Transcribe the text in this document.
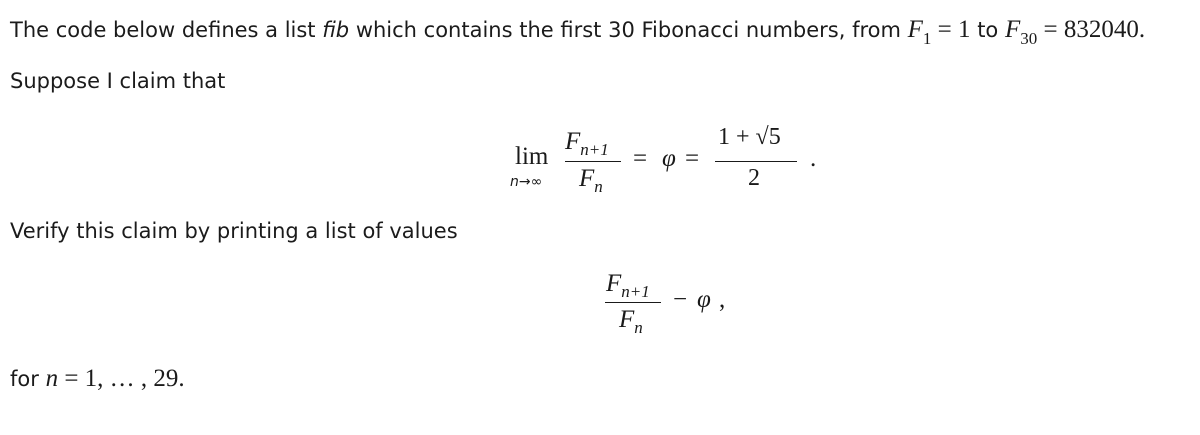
The code below defines a list fib which contains the first 30 Fibonacci numbers, from $F_1 = 1$ to $F_{30} = 832040$.
Suppose I claim that
lim
n→∞
Fn+1
Fn
= φ =
1 + √5
2
.
Verify this claim by printing a list of values
Fn+1
Fn
− φ ,
for n = 1, … , 29.
